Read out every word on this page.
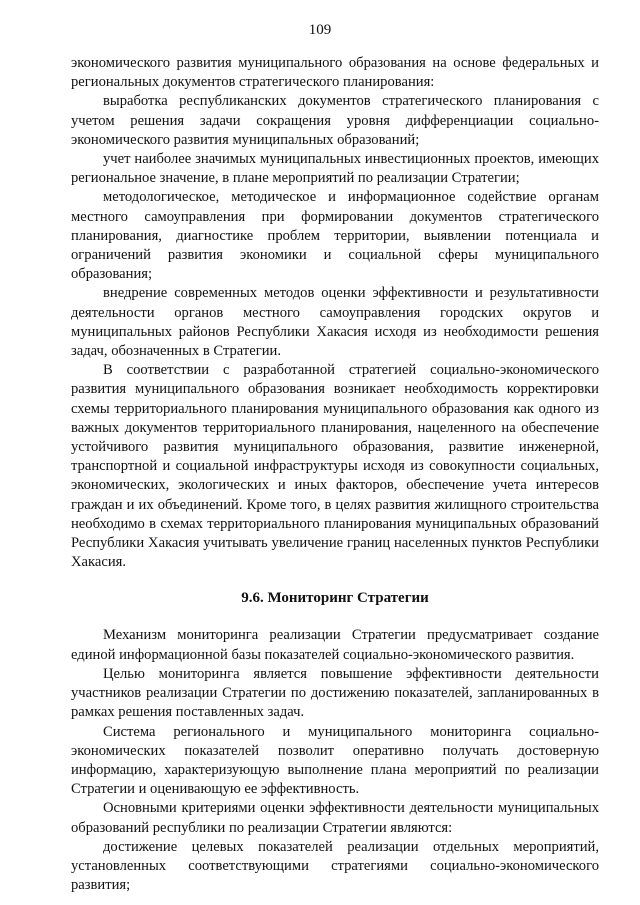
109

экономического развития муниципального образования на основе федеральных и региональных документов стратегического планирования:

выработка республиканских документов стратегического планирования с учетом решения задачи сокращения уровня дифференциации социально-экономического развития муниципальных образований;

учет наиболее значимых муниципальных инвестиционных проектов, имеющих региональное значение, в плане мероприятий по реализации Стратегии;

методологическое, методическое и информационное содействие органам местного самоуправления при формировании документов стратегического планирования, диагностике проблем территории, выявлении потенциала и ограничений развития экономики и социальной сферы муниципального образования;

внедрение современных методов оценки эффективности и результативности деятельности органов местного самоуправления городских округов и муниципальных районов Республики Хакасия исходя из необходимости решения задач, обозначенных в Стратегии.

В соответствии с разработанной стратегией социально-экономического развития муниципального образования возникает необходимость корректировки схемы территориального планирования муниципального образования как одного из важных документов территориального планирования, нацеленного на обеспечение устойчивого развития муниципального образования, развитие инженерной, транспортной и социальной инфраструктуры исходя из совокупности социальных, экономических, экологических и иных факторов, обеспечение учета интересов граждан и их объединений. Кроме того, в целях развития жилищного строительства необходимо в схемах территориального планирования муниципальных образований Республики Хакасия учитывать увеличение границ населенных пунктов Республики Хакасия.

9.6. Мониторинг Стратегии

Механизм мониторинга реализации Стратегии предусматривает создание единой информационной базы показателей социально-экономического развития.

Целью мониторинга является повышение эффективности деятельности участников реализации Стратегии по достижению показателей, запланированных в рамках решения поставленных задач.

Система регионального и муниципального мониторинга социально-экономических показателей позволит оперативно получать достоверную информацию, характеризующую выполнение плана мероприятий по реализации Стратегии и оценивающую ее эффективность.

Основными критериями оценки эффективности деятельности муниципальных образований республики по реализации Стратегии являются:

достижение целевых показателей реализации отдельных мероприятий, установленных соответствующими стратегиями социально-экономического развития;
